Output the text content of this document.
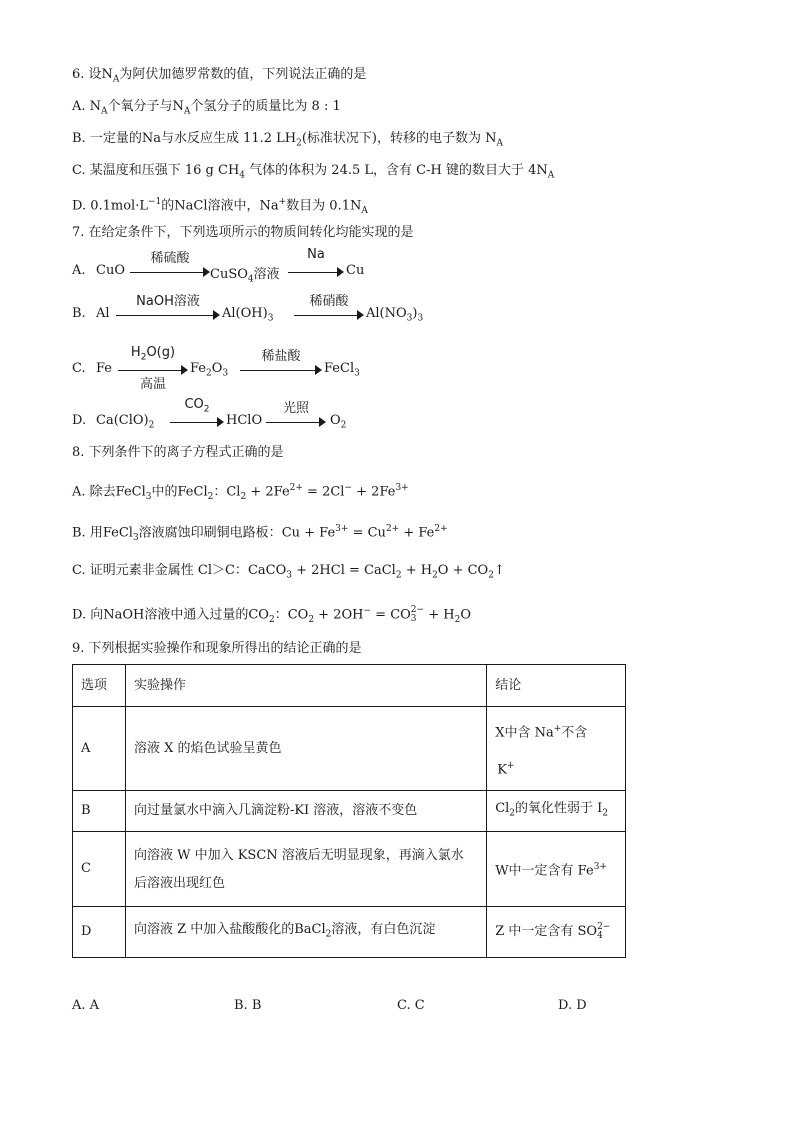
6. 设$N_A$为阿伏加德罗常数的值，下列说法正确的是
A. $N_A$个氧分子与$N_A$个氢分子的质量比为 8 : 1
B. 一定量的Na与水反应生成 11.2 $LH_2$(标准状况下)，转移的电子数为 $N_A$
C. 某温度和压强下 16 g $CH_4$ 气体的体积为 24.5 L，含有 C-H 键的数目大于 $4N_A$
D. $0.1mol\cdot L^{-1}$的NaCl溶液中，Na+数目为 $0.1N_A$
7. 在给定条件下，下列选项所示的物质间转化均能实现的是
A. CuO
稀硫酸
CuSO$_4$溶液
Na
Cu
B. Al
NaOH溶液
$Al(OH)_3$
稀硝酸
$Al(NO_3)_3$
C. Fe
$H_2O(g)$
高温
$Fe_2O_3$
稀盐酸
FeCl$_3$
D. $Ca(ClO)_2$
$CO_2$
HClO
光照
$O_2$
8. 下列条件下的离子方程式正确的是
A. 除去FeCl$_3$中的FeCl$_2$：$Cl_2 + 2Fe^{2+} = 2Cl^- + 2Fe^{3+}$
B. 用FeCl$_3$溶液腐蚀印刷铜电路板：$Cu + Fe^{3+} = Cu^{2+} + Fe^{2+}$
C. 证明元素非金属性 Cl＞C：CaCO$_3$ + 2HCl = CaCl$_2$ + $H_2O$ + $CO_2↑$
D. 向NaOH溶液中通入过量的$CO_2$：$CO_2 + 2OH^-$ = CO 2−
$3 + H_2O$
9. 下列根据实验操作和现象所得出的结论正确的是
选项	实验操作	结论
A	溶液 X 的焰色试验呈黄色	X中含 Na+不含
K+

B	向过量氯水中滴入几滴淀粉-KI 溶液，溶液不变色	$Cl_2$的氧化性弱于 $I_2$
C	向溶液 W 中加入 KSCN 溶液后无明显现象，再滴入氯水
后溶液出现红色	W中一定含有 $Fe^{3+}$
D	向溶液 Z 中加入盐酸酸化的BaCl$_2$溶液，有白色沉淀	Z 中一定含有 SO 2−
4
A. A	B. B	C. C	D. D
